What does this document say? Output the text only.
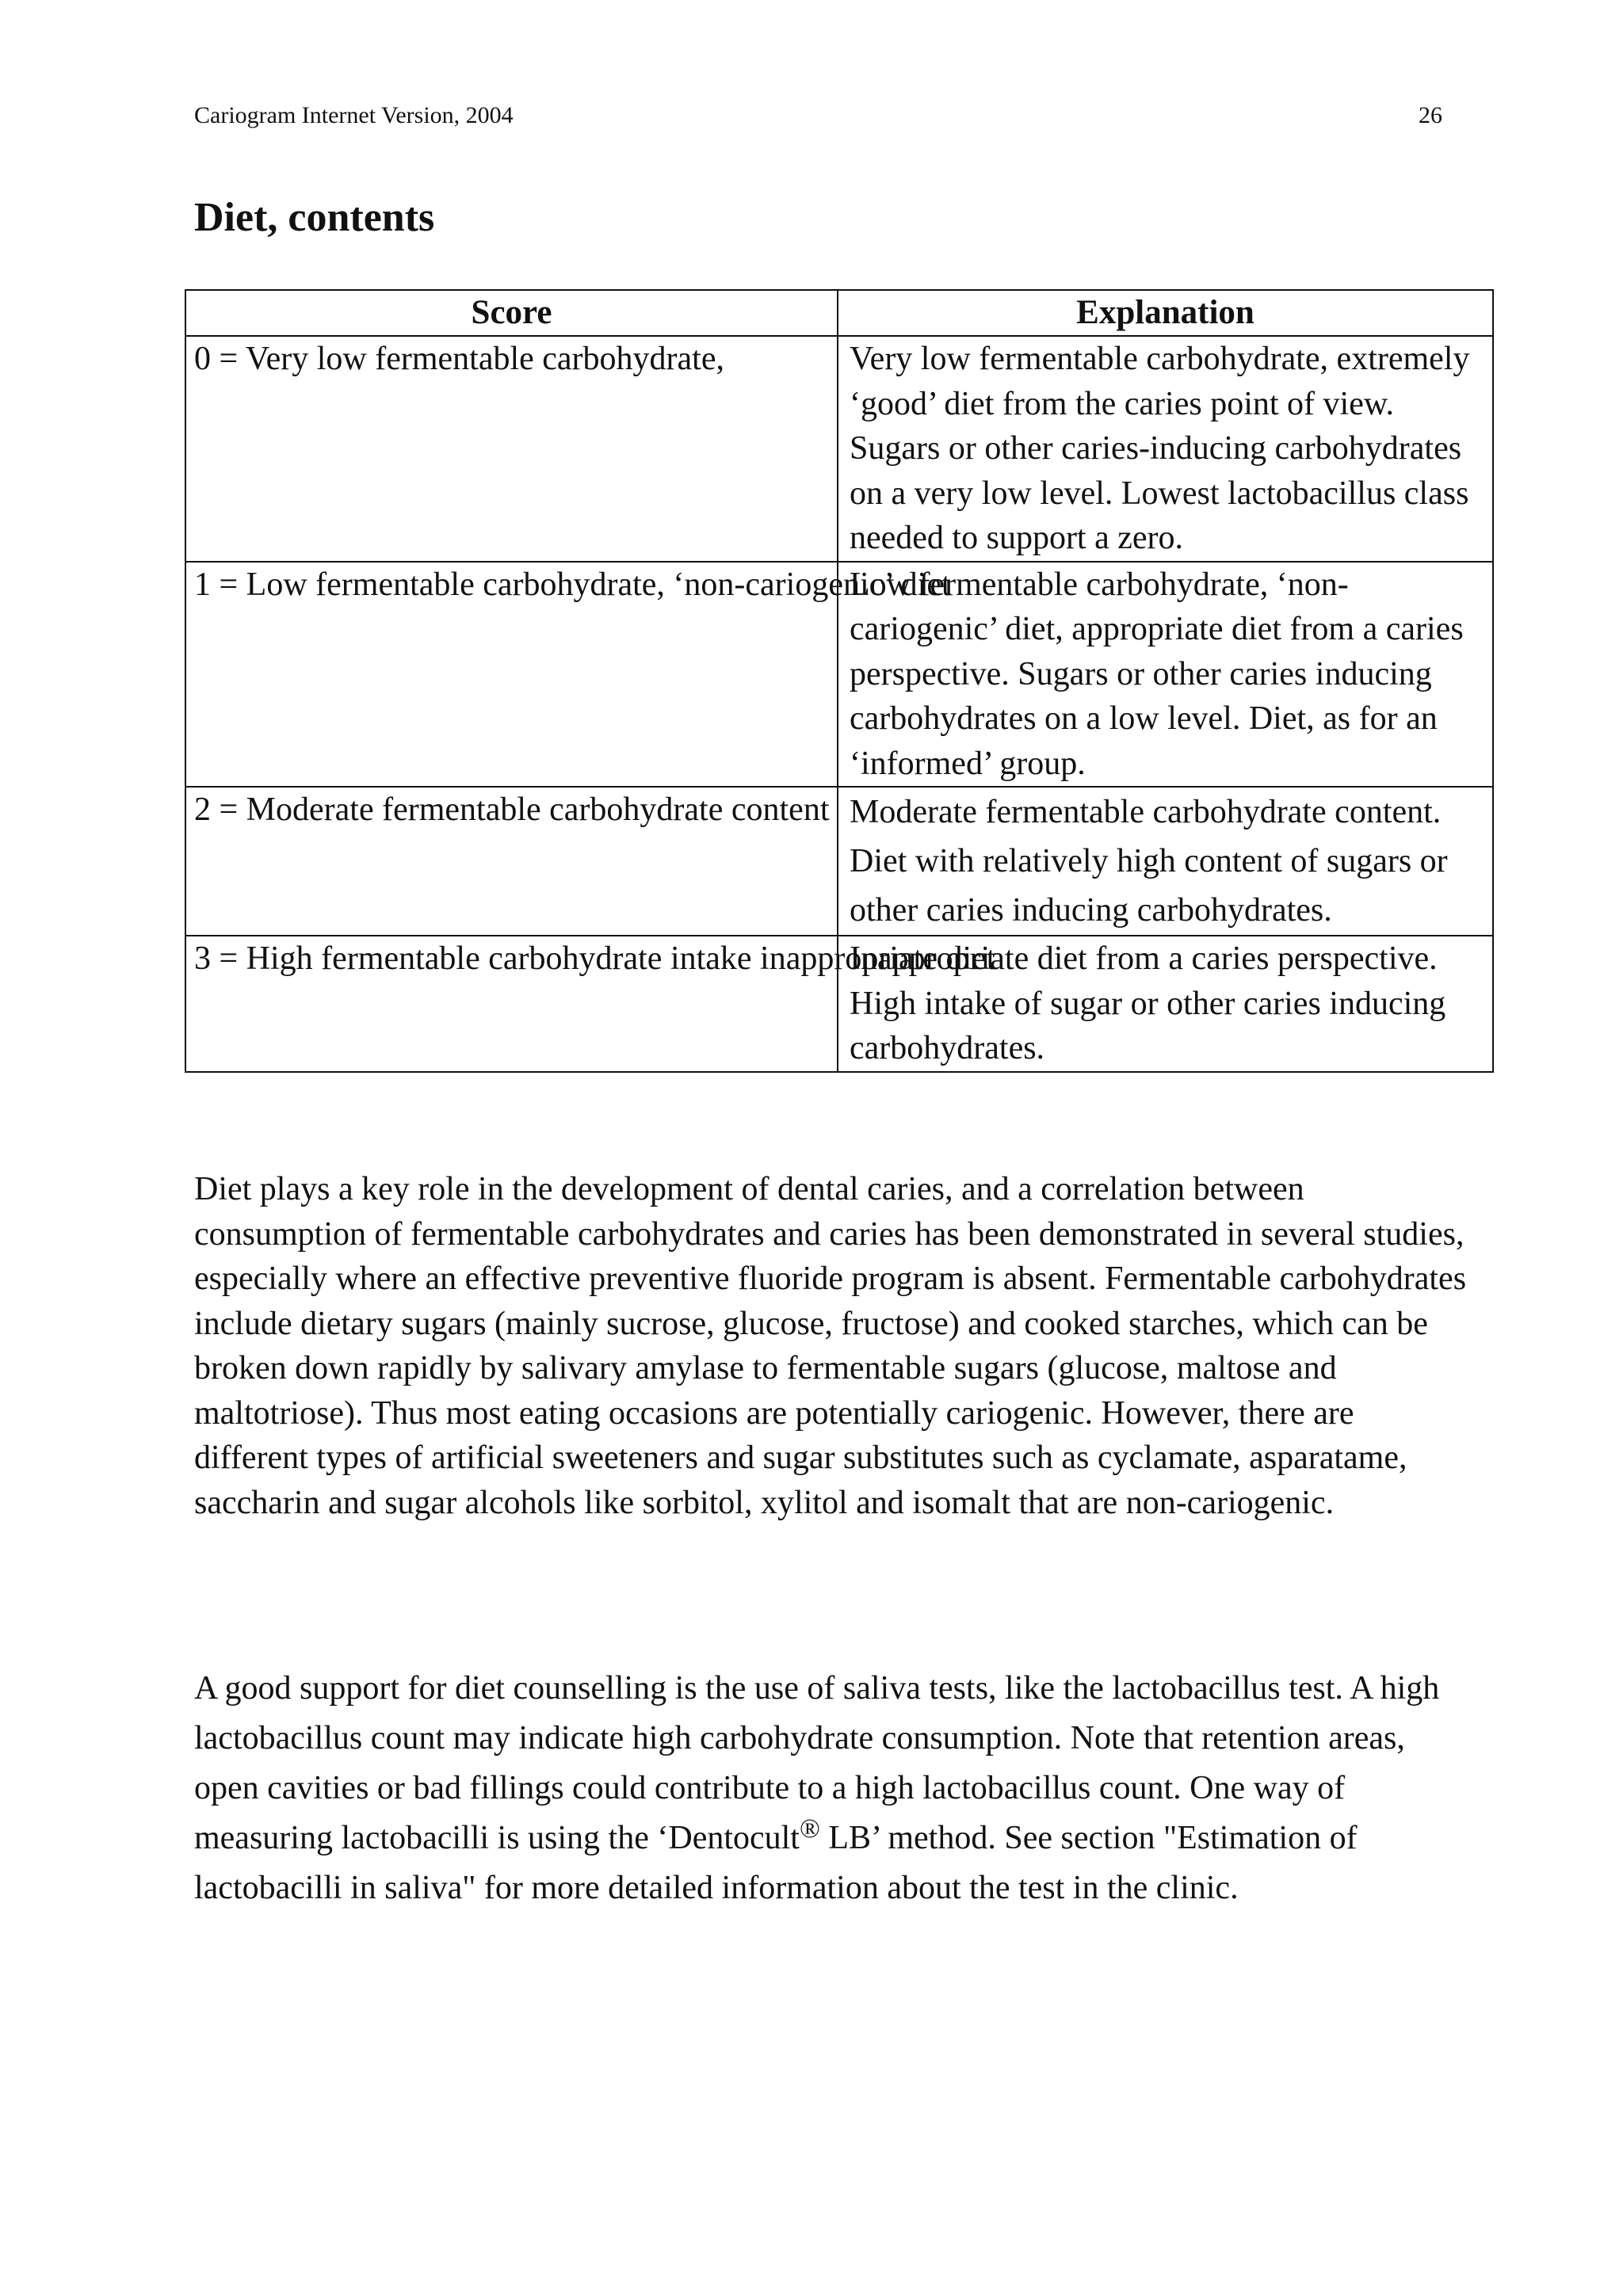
Cariogram Internet Version, 2004	26
Diet, contents
Score	Explanation
0 = Very low fermentable carbohydrate,	Very low fermentable carbohydrate, extremely ‘good’ diet from the caries point of view. Sugars or other caries-inducing carbohydrates on a very low level. Lowest lactobacillus class needed to support a zero.
1 = Low fermentable carbohydrate, ‘non-cariogenic’ diet	Low fermentable carbohydrate, ‘non-cariogenic’ diet, appropriate diet from a caries perspective. Sugars or other caries inducing carbohydrates on a low level. Diet, as for an ‘informed’ group.
2 = Moderate fermentable carbohydrate content	Moderate fermentable carbohydrate content. Diet with relatively high content of sugars or other caries inducing carbohydrates.
3 = High fermentable carbohydrate intake inappropriate diet	Inappropriate diet from a caries perspective. High intake of sugar or other caries inducing carbohydrates.

Diet plays a key role in the development of dental caries, and a correlation between consumption of fermentable carbohydrates and caries has been demonstrated in several studies, especially where an effective preventive fluoride program is absent. Fermentable carbohydrates include dietary sugars (mainly sucrose, glucose, fructose) and cooked starches, which can be broken down rapidly by salivary amylase to fermentable sugars (glucose, maltose and maltotriose). Thus most eating occasions are potentially cariogenic. However, there are different types of artificial sweeteners and sugar substitutes such as cyclamate, asparatame, saccharin and sugar alcohols like sorbitol, xylitol and isomalt that are non-cariogenic.

A good support for diet counselling is the use of saliva tests, like the lactobacillus test. A high lactobacillus count may indicate high carbohydrate consumption. Note that retention areas, open cavities or bad fillings could contribute to a high lactobacillus count. One way of measuring lactobacilli is using the ‘Dentocult® LB’ method. See section "Estimation of lactobacilli in saliva" for more detailed information about the test in the clinic.
